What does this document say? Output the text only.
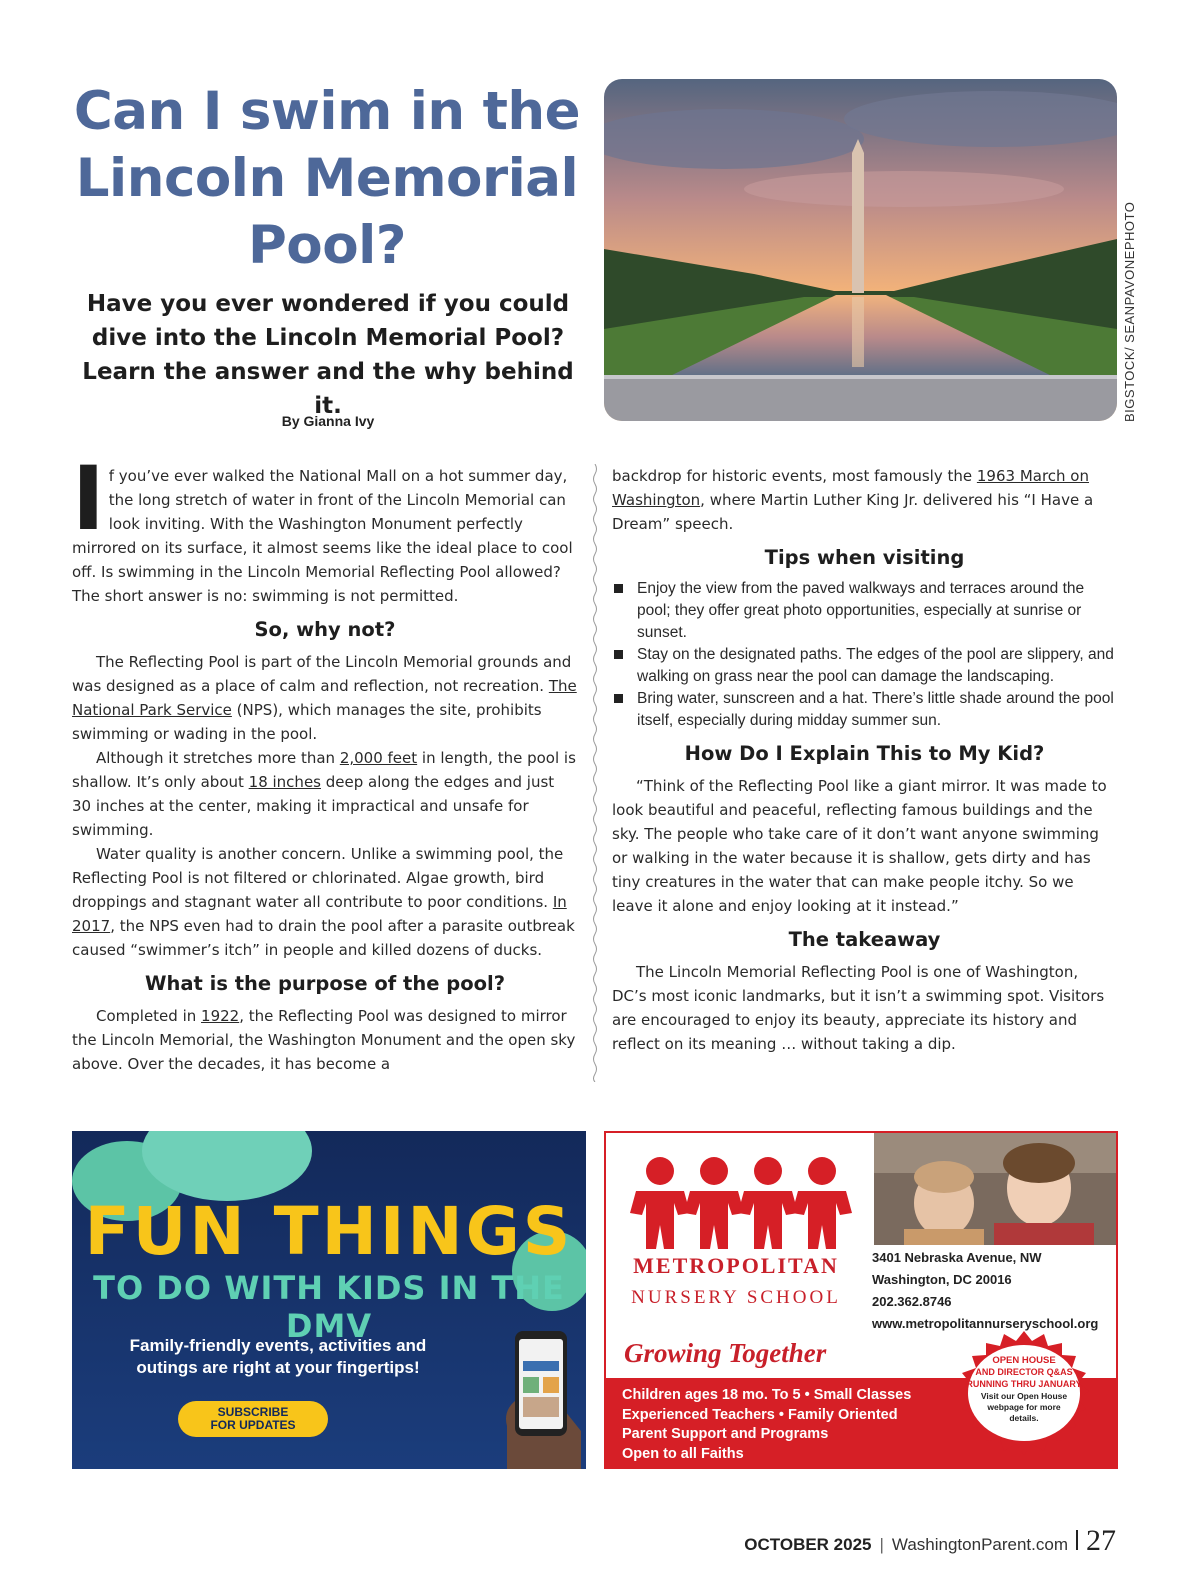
Can I swim in the Lincoln Memorial Pool?
Have you ever wondered if you could dive into the Lincoln Memorial Pool? Learn the answer and the why behind it.
By Gianna Ivy	BIGSTOCK/ SEANPAVONEPHOTO

If you’ve ever walked the National Mall on a hot summer day, the long stretch of water in front of the Lincoln Memorial can look inviting. With the Washington Monument perfectly mirrored on its surface, it almost seems like the ideal place to cool off. Is swimming in the Lincoln Memorial Reflecting Pool allowed? The short answer is no: swimming is not permitted.

So, why not?

The Reflecting Pool is part of the Lincoln Memorial grounds and was designed as a place of calm and reflection, not recreation. The National Park Service (NPS), which manages the site, prohibits swimming or wading in the pool.

Although it stretches more than 2,000 feet in length, the pool is shallow. It’s only about 18 inches deep along the edges and just 30 inches at the center, making it impractical and unsafe for swimming.

Water quality is another concern. Unlike a swimming pool, the Reflecting Pool is not filtered or chlorinated. Algae growth, bird droppings and stagnant water all contribute to poor conditions. In 2017, the NPS even had to drain the pool after a parasite outbreak caused “swimmer’s itch” in people and killed dozens of ducks.

What is the purpose of the pool?

Completed in 1922, the Reflecting Pool was designed to mirror the Lincoln Memorial, the Washington Monument and the open sky above. Over the decades, it has become a

backdrop for historic events, most famously the 1963 March on Washington, where Martin Luther King Jr. delivered his “I Have a Dream” speech.

Tips when visiting
Enjoy the view from the paved walkways and terraces around the pool; they offer great photo opportunities, especially at sunrise or sunset.
Stay on the designated paths. The edges of the pool are slippery, and walking on grass near the pool can damage the landscaping.
Bring water, sunscreen and a hat. There’s little shade around the pool itself, especially during midday summer sun.
How Do I Explain This to My Kid?

“Think of the Reflecting Pool like a giant mirror. It was made to look beautiful and peaceful, reflecting famous buildings and the sky. The people who take care of it don’t want anyone swimming or walking in the water because it is shallow, gets dirty and has tiny creatures in the water that can make people itchy. So we leave it alone and enjoy looking at it instead.”

The takeaway

The Lincoln Memorial Reflecting Pool is one of Washington, DC’s most iconic landmarks, but it isn’t a swimming spot. Visitors are encouraged to enjoy its beauty, appreciate its history and reflect on its meaning … without taking a dip.

FUN THINGS
TO DO WITH KIDS IN THE DMV
Family-friendly events, activities and outings are right at your fingertips!
SUBSCRIBE
FOR UPDATES
METROPOLITAN
NURSERY SCHOOL
3401 Nebraska Avenue, NW
Washington, DC 20016
202.362.8746
www.metropolitannurseryschool.org
Growing Together
Children ages 18 mo. To 5 • Small Classes
Experienced Teachers • Family Oriented
Parent Support and Programs
Open to all Faiths
OPEN HOUSE
AND DIRECTOR Q&AS
RUNNING THRU JANUARY
Visit our Open House
webpage for more
details.
OCTOBER 2025 | WashingtonParent.com 27
